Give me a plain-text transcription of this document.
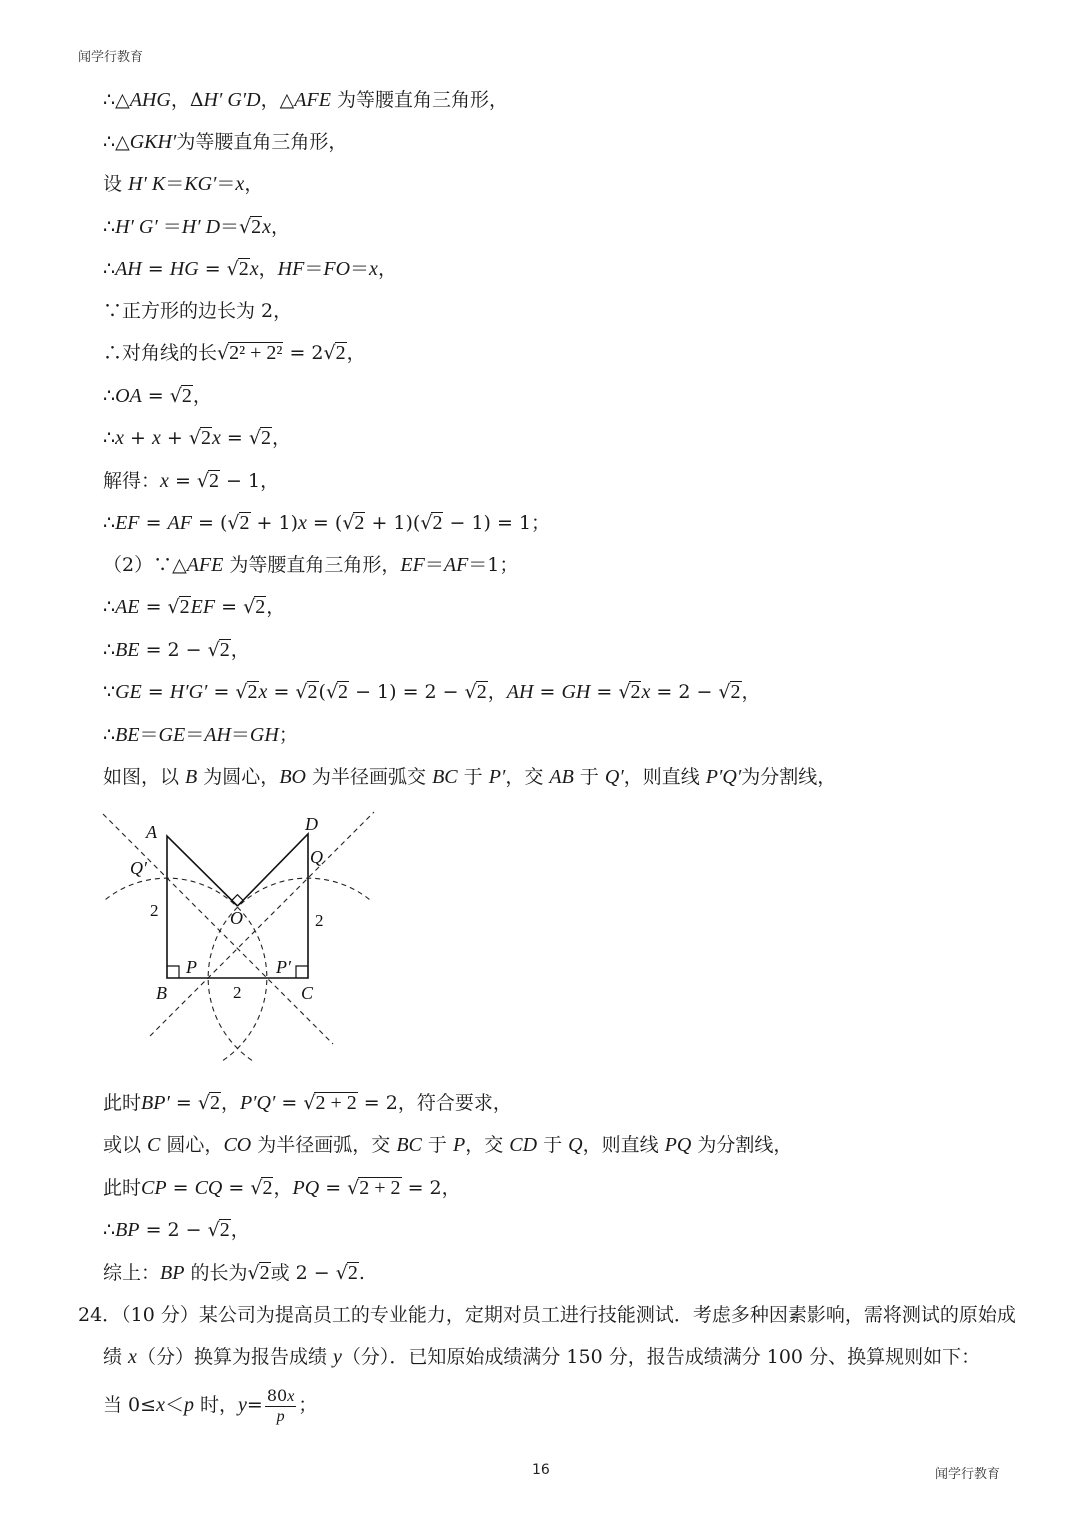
闻学行教育
∴△AHG，ΔH′ G′D，△AFE 为等腰直角三角形，
∴△GKH′为等腰直角三角形，
设 H′ K＝KG′＝x，
∴H′ G′ ＝H′ D＝√2x，
∴AH = HG = √2x，HF＝FO＝x，
∵正方形的边长为 2，
∴对角线的长√2² + 2² = 2√2，
∴OA = √2，
∴x + x + √2x = √2，
解得：x = √2 − 1，
∴EF = AF = (√2 + 1)x = (√2 + 1)(√2 − 1) = 1；
（2）∵△AFE 为等腰直角三角形，EF＝AF＝1；
∴AE = √2EF = √2，
∴BE = 2 − √2，
∵GE = H′G′ = √2x = √2(√2 − 1) = 2 − √2，AH = GH = √2x = 2 − √2，
∴BE＝GE＝AH＝GH；
如图，以 B 为圆心，BO 为半径画弧交 BC 于 P′，交 AB 于 Q′，则直线 P′Q′为分割线，
A	D
Q′
Q
2
2
O
P	P′
B	2	C
此时BP′ = √2，P′Q′ = √2 + 2 = 2，符合要求，
或以 C 圆心，CO 为半径画弧，交 BC 于 P，交 CD 于 Q，则直线 PQ 为分割线，
此时CP = CQ = √2，PQ = √2 + 2 = 2，
∴BP = 2 − √2，
综上：BP 的长为√2或 2 − √2.
24．（10 分）某公司为提高员工的专业能力，定期对员工进行技能测试．考虑多种因素影响，需将测试的原始成
绩 x（分）换算为报告成绩 y（分）．已知原始成绩满分 150 分，报告成绩满分 100 分、换算规则如下：
当 0≤x＜p 时，$y= \frac{80x}{p}$ ；
16	闻学行教育
